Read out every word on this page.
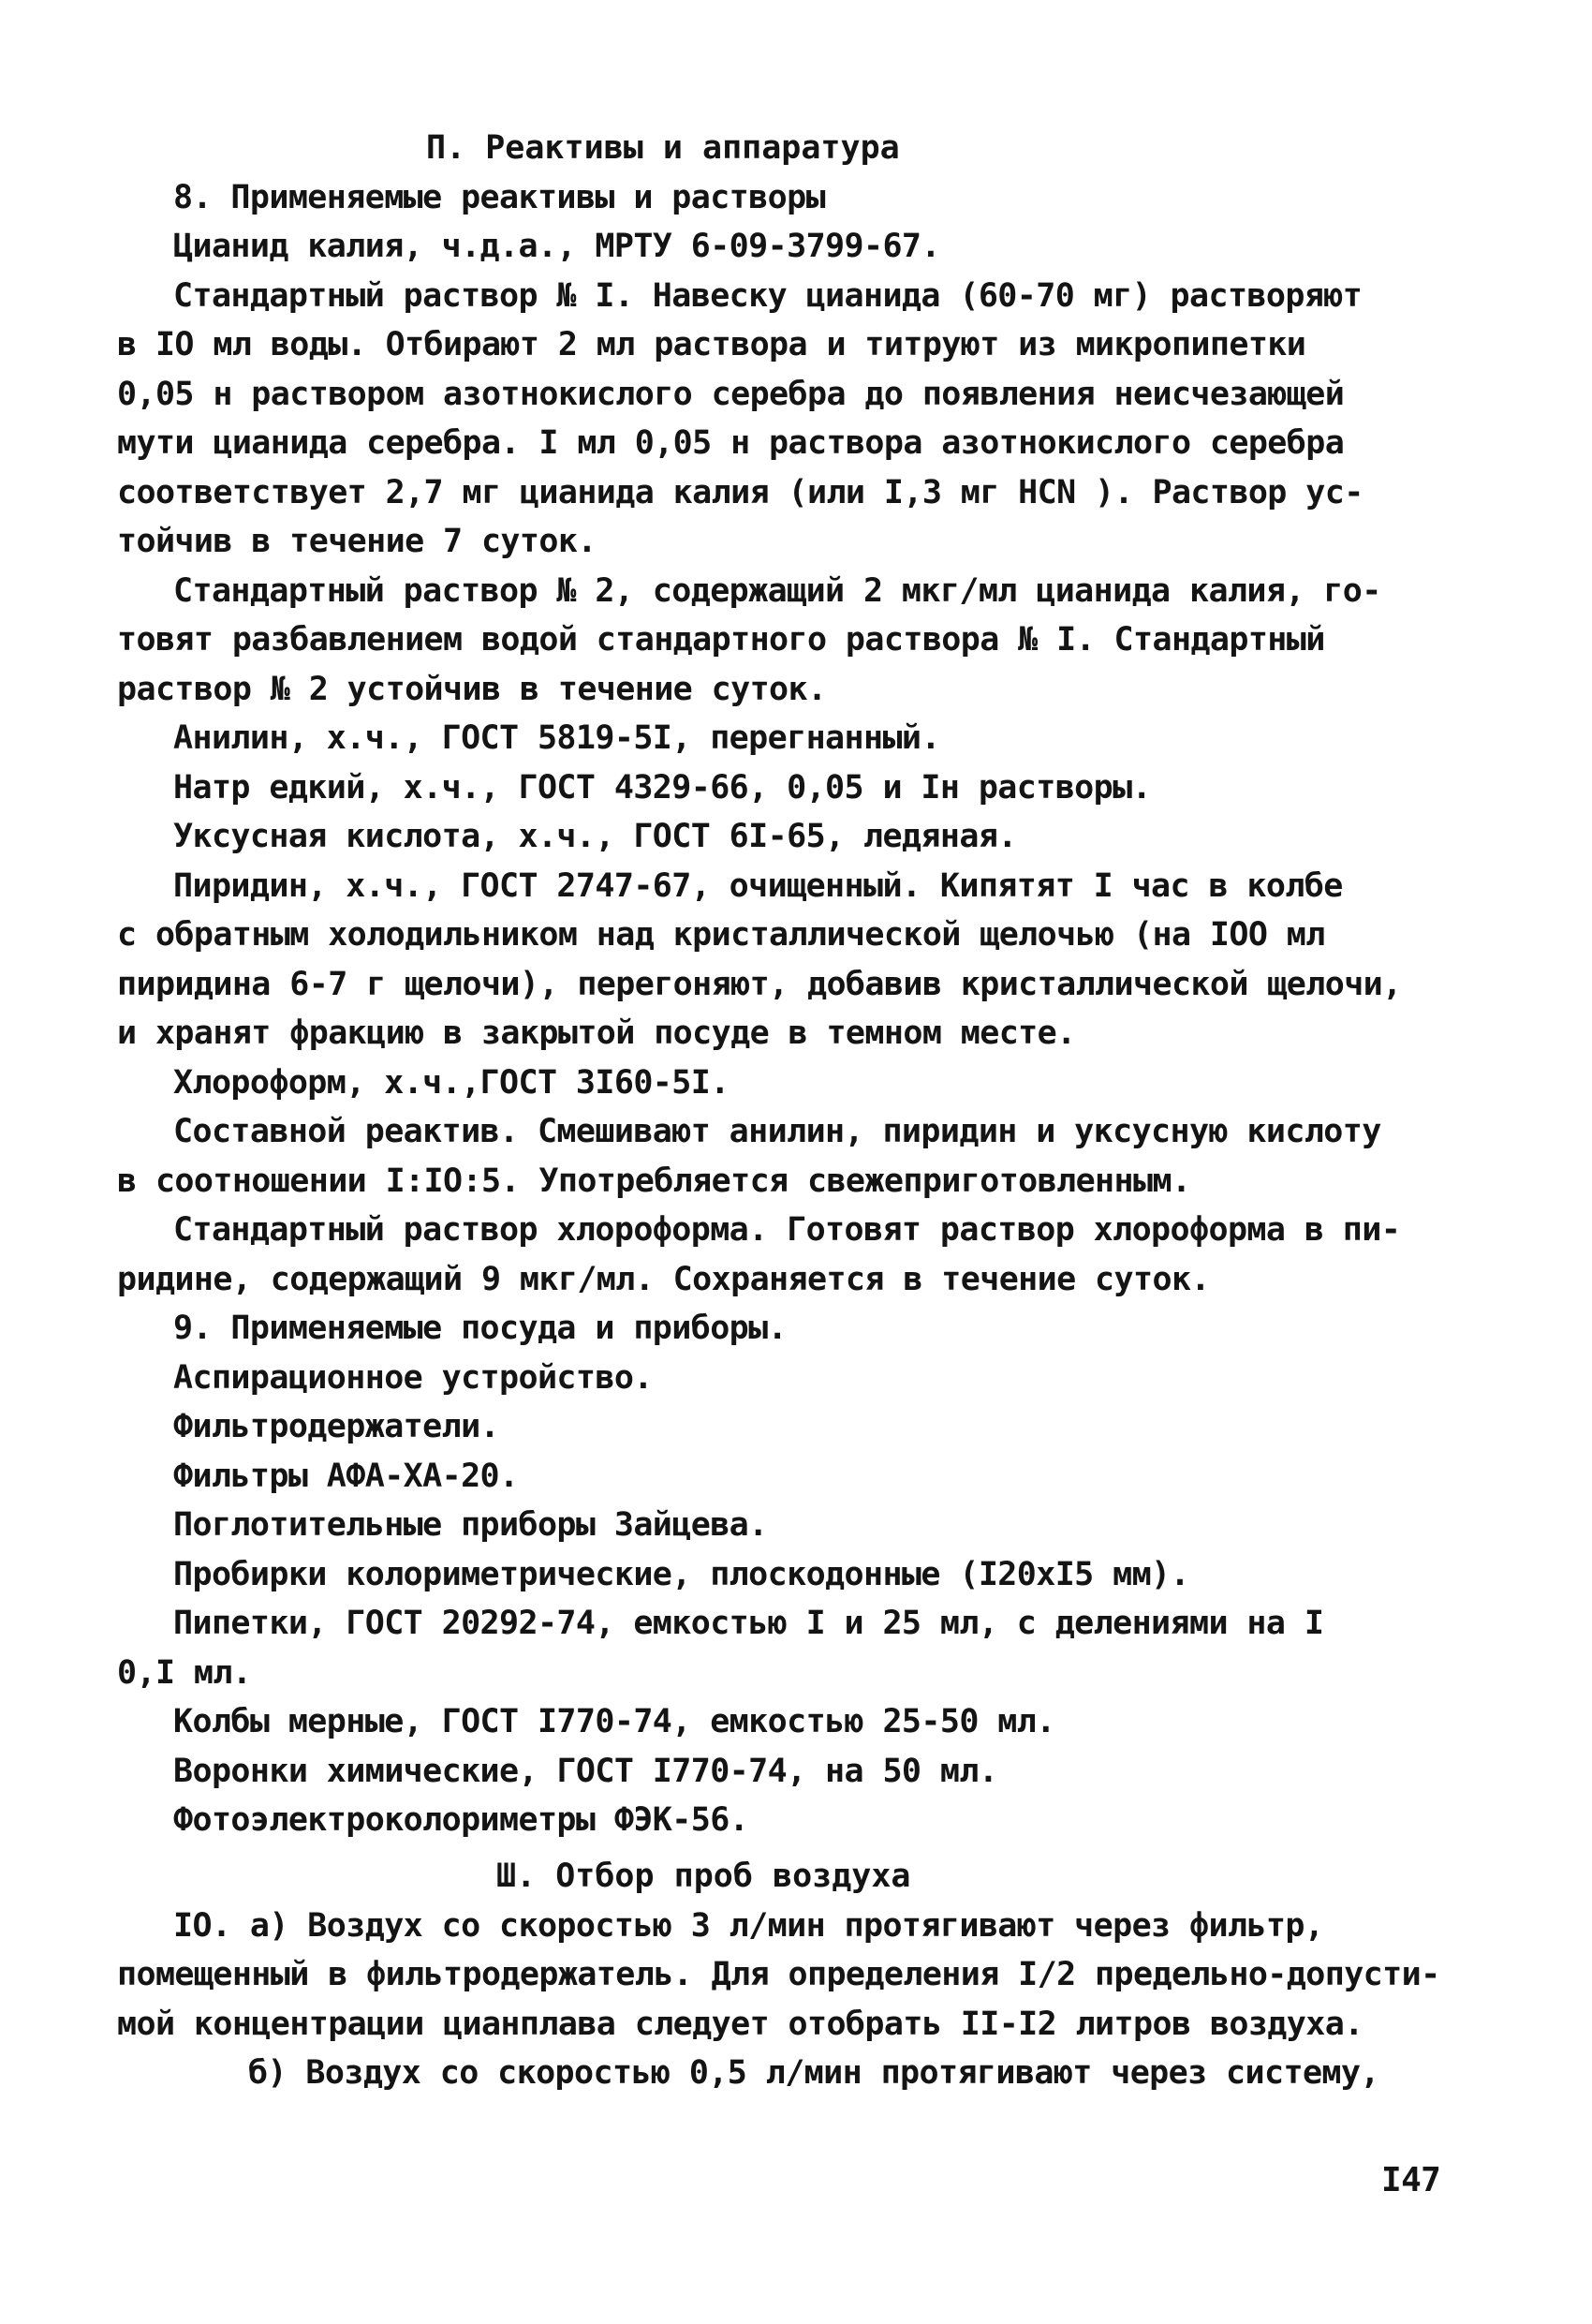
П. Реактивы и аппаратура
8. Применяемые реактивы и растворы
Цианид калия, ч.д.а., МРТУ 6-09-3799-67.
Стандартный раствор № I. Навеску цианида (60-70 мг) растворяют
в IO мл воды. Отбирают 2 мл раствора и титруют из микропипетки
0,05 н раствором азотнокислого серебра до появления неисчезающей
мути цианида серебра. I мл 0,05 н раствора азотнокислого серебра
соответствует 2,7 мг цианида калия (или I,3 мг HCN ). Раствор ус-
тойчив в течение 7 суток.
Стандартный раствор № 2, содержащий 2 мкг/мл цианида калия, го-
товят разбавлением водой стандартного раствора № I. Стандартный
раствор № 2 устойчив в течение суток.
Анилин, х.ч., ГОСТ 5819-5I, перегнанный.
Натр едкий, х.ч., ГОСТ 4329-66, 0,05 и Iн растворы.
Уксусная кислота, х.ч., ГОСТ 6I-65, ледяная.
Пиридин, х.ч., ГОСТ 2747-67, очищенный. Кипятят I час в колбе
с обратным холодильником над кристаллической щелочью (на IOO мл
пиридина 6-7 г щелочи), перегоняют, добавив кристаллической щелочи,
и хранят фракцию в закрытой посуде в темном месте.
Хлороформ, х.ч.,ГОСТ 3I60-5I.
Составной реактив. Смешивают анилин, пиридин и уксусную кислоту
в соотношении I:IO:5. Употребляется свежеприготовленным.
Стандартный раствор хлороформа. Готовят раствор хлороформа в пи-
ридине, содержащий 9 мкг/мл. Сохраняется в течение суток.
9. Применяемые посуда и приборы.
Аспирационное устройство.
Фильтродержатели.
Фильтры АФА-ХА-20.
Поглотительные приборы Зайцева.
Пробирки колориметрические, плоскодонные (I20хI5 мм).
Пипетки, ГОСТ 20292-74, емкостью I и 25 мл, с делениями на I
0,I мл.
Колбы мерные, ГОСТ I770-74, емкостью 25-50 мл.
Воронки химические, ГОСТ I770-74, на 50 мл.
Фотоэлектроколориметры ФЭК-56.
Ш. Отбор проб воздуха
IO. а) Воздух со скоростью 3 л/мин протягивают через фильтр,
помещенный в фильтродержатель. Для определения I/2 предельно-допусти-
мой концентрации цианплава следует отобрать II-I2 литров воздуха.
б) Воздух со скоростью 0,5 л/мин протягивают через систему,
I47
